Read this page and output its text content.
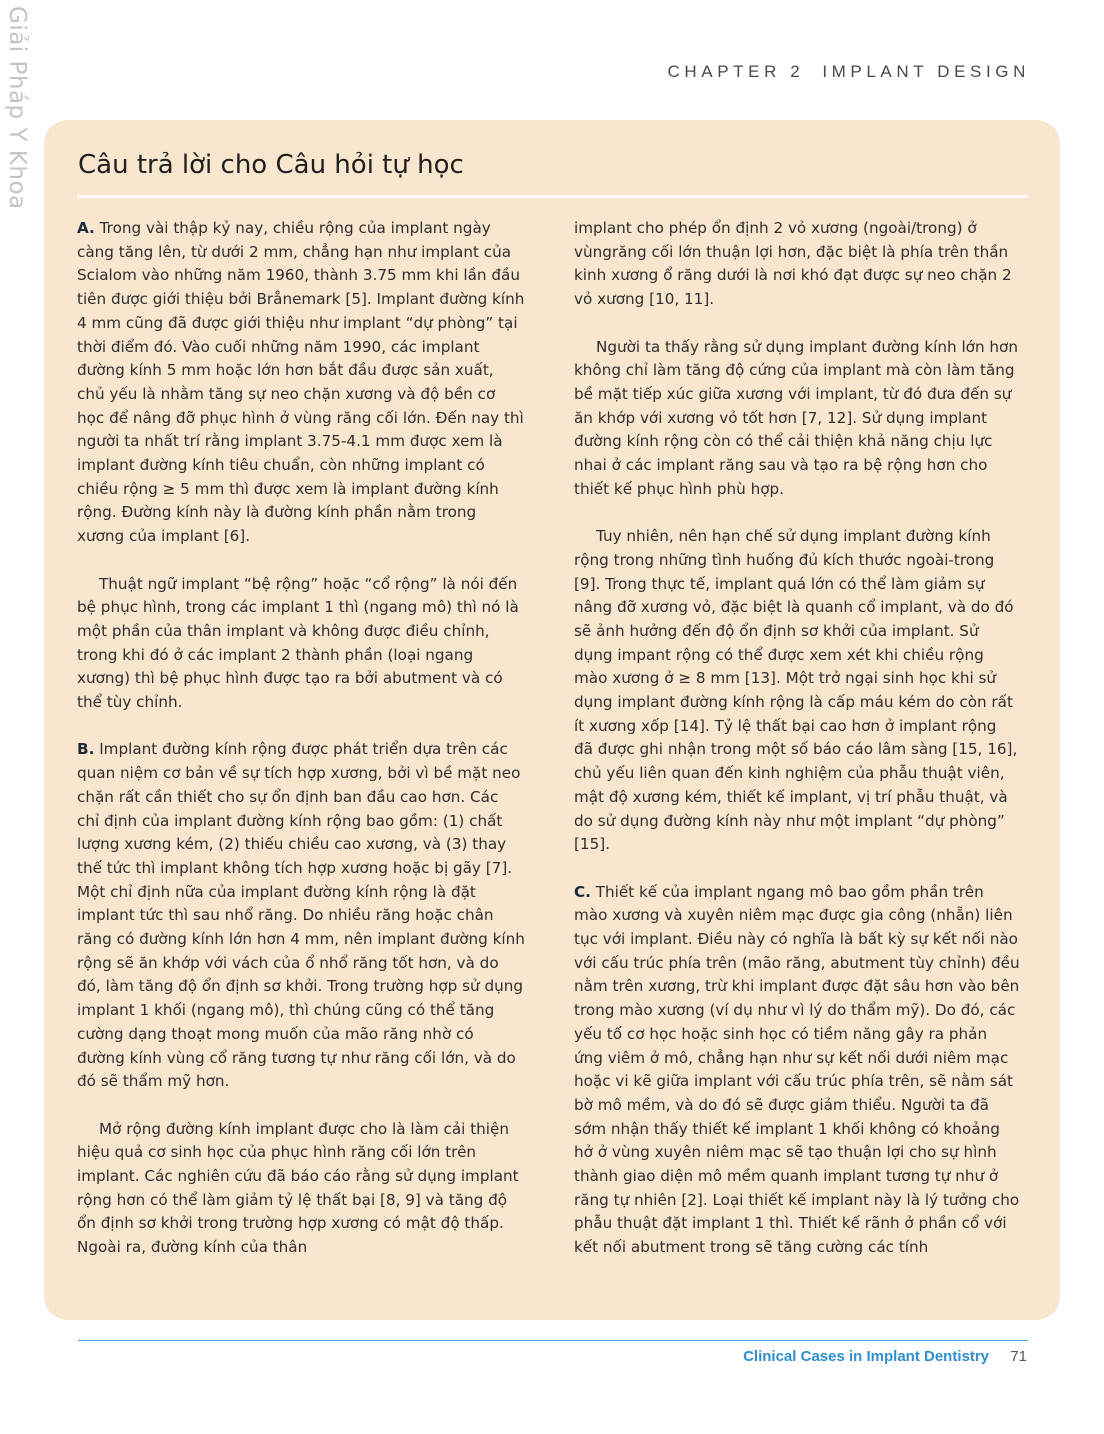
Giải Pháp Y Khoa	CHAPTER 2 IMPLANT DESIGN
Câu trả lời cho Câu hỏi tự học

A. Trong vài thập kỷ nay, chiều rộng của implant ngày càng tăng lên, từ dưới 2 mm, chẳng hạn như implant của Scialom vào những năm 1960, thành 3.75 mm khi lần đầu tiên được giới thiệu bởi Brånemark [5]. Implant đường kính 4 mm cũng đã được giới thiệu như implant “dự phòng” tại thời điểm đó. Vào cuối những năm 1990, các implant đường kính 5 mm hoặc lớn hơn bắt đầu được sản xuất, chủ yếu là nhằm tăng sự neo chặn xương và độ bền cơ học để nâng đỡ phục hình ở vùng răng cối lớn. Đến nay thì người ta nhất trí rằng implant 3.75-4.1 mm được xem là implant đường kính tiêu chuẩn, còn những implant có chiều rộng ≥ 5 mm thì được xem là implant đường kính rộng. Đường kính này là đường kính phần nằm trong xương của implant [6].

Thuật ngữ implant “bệ rộng” hoặc “cổ rộng” là nói đến bệ phục hình, trong các implant 1 thì (ngang mô) thì nó là một phần của thân implant và không được điều chỉnh, trong khi đó ở các implant 2 thành phần (loại ngang xương) thì bệ phục hình được tạo ra bởi abutment và có thể tùy chỉnh.

B. Implant đường kính rộng được phát triển dựa trên các quan niệm cơ bản về sự tích hợp xương, bởi vì bề mặt neo chặn rất cần thiết cho sự ổn định ban đầu cao hơn. Các chỉ định của implant đường kính rộng bao gồm: (1) chất lượng xương kém, (2) thiếu chiều cao xương, và (3) thay thế tức thì implant không tích hợp xương hoặc bị gãy [7]. Một chỉ định nữa của implant đường kính rộng là đặt implant tức thì sau nhổ răng. Do nhiều răng hoặc chân răng có đường kính lớn hơn 4 mm, nên implant đường kính rộng sẽ ăn khớp với vách của ổ nhổ răng tốt hơn, và do đó, làm tăng độ ổn định sơ khởi. Trong trường hợp sử dụng implant 1 khối (ngang mô), thì chúng cũng có thể tăng cường dạng thoạt mong muốn của mão răng nhờ có đường kính vùng cổ răng tương tự như răng cối lớn, và do đó sẽ thẩm mỹ hơn.

Mở rộng đường kính implant được cho là làm cải thiện hiệu quả cơ sinh học của phục hình răng cối lớn trên implant. Các nghiên cứu đã báo cáo rằng sử dụng implant rộng hơn có thể làm giảm tỷ lệ thất bại [8, 9] và tăng độ ổn định sơ khởi trong trường hợp xương có mật độ thấp. Ngoài ra, đường kính của thân

implant cho phép ổn định 2 vỏ xương (ngoài/trong) ở vùngrăng cối lớn thuận lợi hơn, đặc biệt là phía trên thần kinh xương ổ răng dưới là nơi khó đạt được sự neo chặn 2 vỏ xương [10, 11].

Người ta thấy rằng sử dụng implant đường kính lớn hơn không chỉ làm tăng độ cứng của implant mà còn làm tăng bề mặt tiếp xúc giữa xương với implant, từ đó đưa đến sự ăn khớp với xương vỏ tốt hơn [7, 12]. Sử dụng implant đường kính rộng còn có thể cải thiện khả năng chịu lực nhai ở các implant răng sau và tạo ra bệ rộng hơn cho thiết kế phục hình phù hợp.

Tuy nhiên, nên hạn chế sử dụng implant đường kính rộng trong những tình huống đủ kích thước ngoài-trong [9]. Trong thực tế, implant quá lớn có thể làm giảm sự nâng đỡ xương vỏ, đặc biệt là quanh cổ implant, và do đó sẽ ảnh hưởng đến độ ổn định sơ khởi của implant. Sử dụng impant rộng có thể được xem xét khi chiều rộng mào xương ở ≥ 8 mm [13]. Một trở ngại sinh học khi sử dụng implant đường kính rộng là cấp máu kém do còn rất ít xương xốp [14]. Tỷ lệ thất bại cao hơn ở implant rộng đã được ghi nhận trong một số báo cáo lâm sàng [15, 16], chủ yếu liên quan đến kinh nghiệm của phẫu thuật viên, mật độ xương kém, thiết kế implant, vị trí phẫu thuật, và do sử dụng đường kính này như một implant “dự phòng” [15].

C. Thiết kế của implant ngang mô bao gồm phần trên mào xương và xuyên niêm mạc được gia công (nhẵn) liên tục với implant. Điều này có nghĩa là bất kỳ sự kết nối nào với cấu trúc phía trên (mão răng, abutment tùy chỉnh) đều nằm trên xương, trừ khi implant được đặt sâu hơn vào bên trong mào xương (ví dụ như vì lý do thẩm mỹ). Do đó, các yếu tố cơ học hoặc sinh học có tiềm năng gây ra phản ứng viêm ở mô, chẳng hạn như sự kết nối dưới niêm mạc hoặc vi kẽ giữa implant với cấu trúc phía trên, sẽ nằm sát bờ mô mềm, và do đó sẽ được giảm thiểu. Người ta đã sớm nhận thấy thiết kế implant 1 khối không có khoảng hở ở vùng xuyên niêm mạc sẽ tạo thuận lợi cho sự hình thành giao diện mô mềm quanh implant tương tự như ở răng tự nhiên [2]. Loại thiết kế implant này là lý tưởng cho phẫu thuật đặt implant 1 thì. Thiết kế rãnh ở phần cổ với kết nối abutment trong sẽ tăng cường các tính

Clinical Cases in Implant Dentistry 71
